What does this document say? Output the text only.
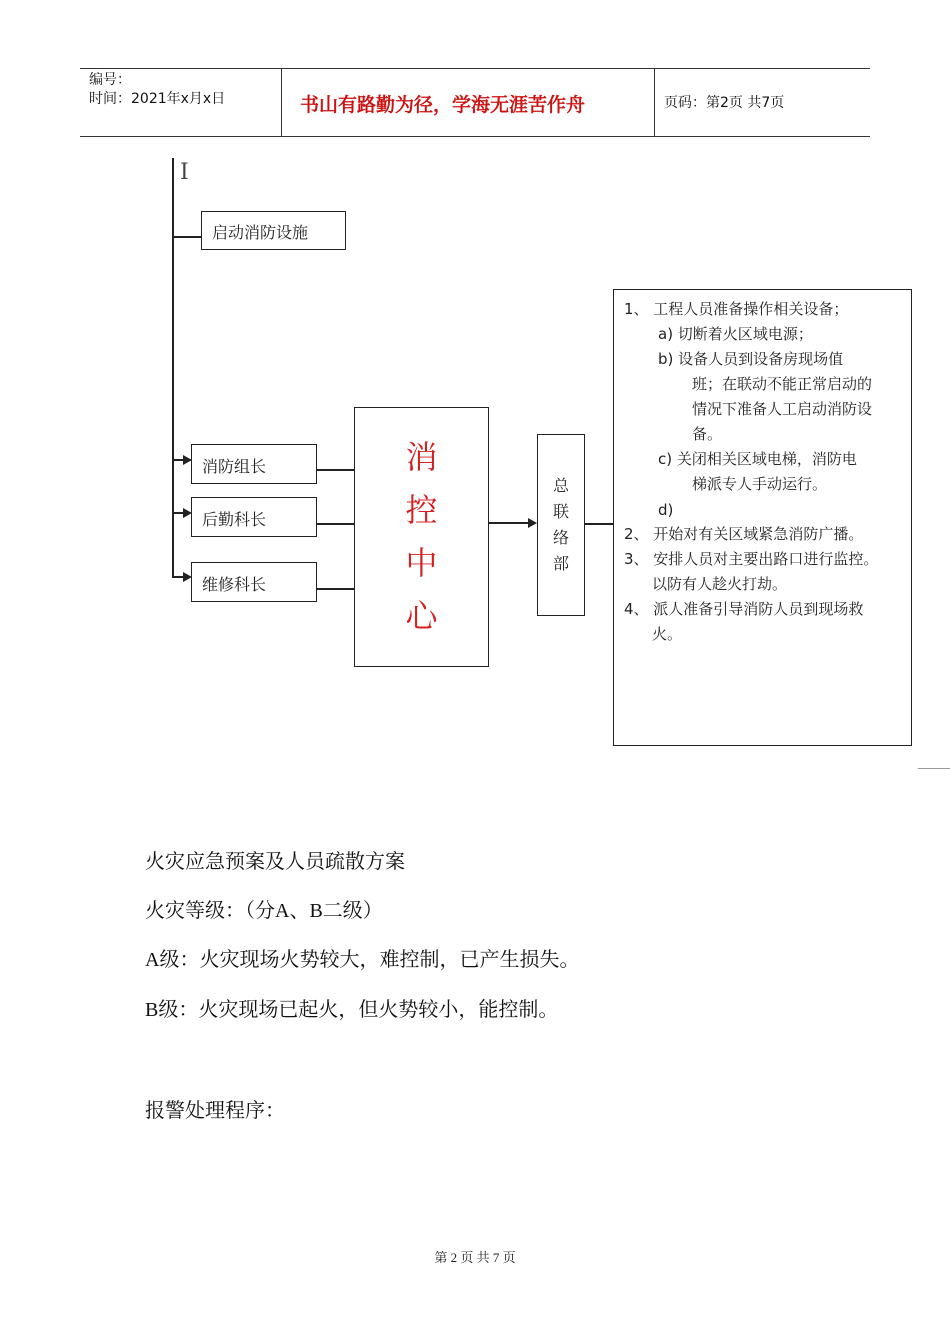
编号：
时间：2021年x月x日	书山有路勤为径，学海无涯苦作舟	页码：第2页 共7页
I
启动消防设施
消防组长
后勤科长
维修科长
消
控
中
心
总
联
络
部
1、 工程人员准备操作相关设备；
a) 切断着火区域电源；
b) 设备人员到设备房现场值
班；在联动不能正常启动的
情况下准备人工启动消防设
备。
c) 关闭相关区域电梯，消防电
梯派专人手动运行。
d)
2、 开始对有关区域紧急消防广播。
3、 安排人员对主要出路口进行监控。
以防有人趁火打劫。
4、 派人准备引导消防人员到现场救
火。
火灾应急预案及人员疏散方案
火灾等级：（分A、B二级）
A级：火灾现场火势较大，难控制，已产生损失。
B级：火灾现场已起火，但火势较小，能控制。
报警处理程序：
第 2 页 共 7 页
